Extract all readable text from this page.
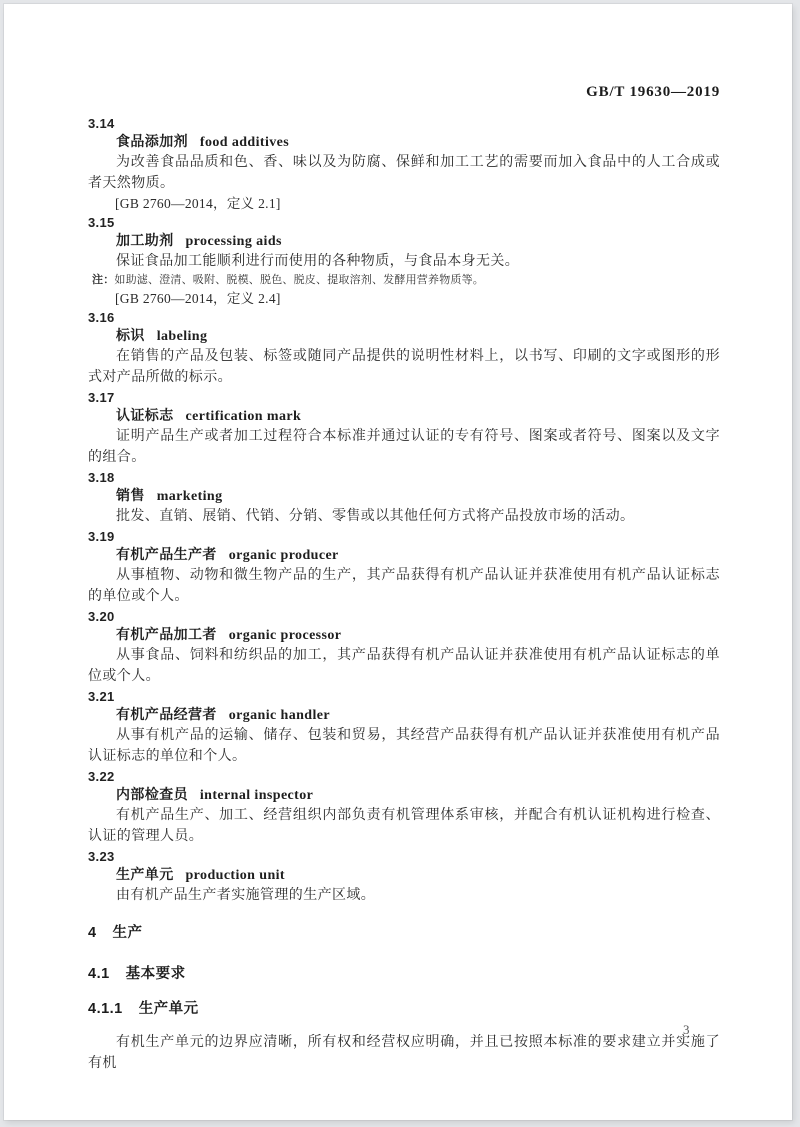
GB/T 19630—2019
3.14
食品添加剂 food additives

为改善食品品质和色、香、味以及为防腐、保鲜和加工工艺的需要而加入食品中的人工合成或者天然物质。

[GB 2760—2014，定义 2.1]
3.15
加工助剂 processing aids

保证食品加工能顺利进行而使用的各种物质，与食品本身无关。

注：如助滤、澄清、吸附、脱模、脱色、脱皮、提取溶剂、发酵用营养物质等。
[GB 2760—2014，定义 2.4]
3.16
标识 labeling

在销售的产品及包装、标签或随同产品提供的说明性材料上，以书写、印刷的文字或图形的形式对产品所做的标示。

3.17
认证标志 certification mark

证明产品生产或者加工过程符合本标准并通过认证的专有符号、图案或者符号、图案以及文字的组合。

3.18
销售 marketing

批发、直销、展销、代销、分销、零售或以其他任何方式将产品投放市场的活动。

3.19
有机产品生产者 organic producer

从事植物、动物和微生物产品的生产，其产品获得有机产品认证并获准使用有机产品认证标志的单位或个人。

3.20
有机产品加工者 organic processor

从事食品、饲料和纺织品的加工，其产品获得有机产品认证并获准使用有机产品认证标志的单位或个人。

3.21
有机产品经营者 organic handler

从事有机产品的运输、储存、包装和贸易，其经营产品获得有机产品认证并获准使用有机产品认证标志的单位和个人。

3.22
内部检查员 internal inspector

有机产品生产、加工、经营组织内部负责有机管理体系审核，并配合有机认证机构进行检查、认证的管理人员。

3.23
生产单元 production unit

由有机产品生产者实施管理的生产区域。

4 生产
4.1 基本要求
4.1.1 生产单元

有机生产单元的边界应清晰，所有权和经营权应明确，并且已按照本标准的要求建立并实施了有机

3
